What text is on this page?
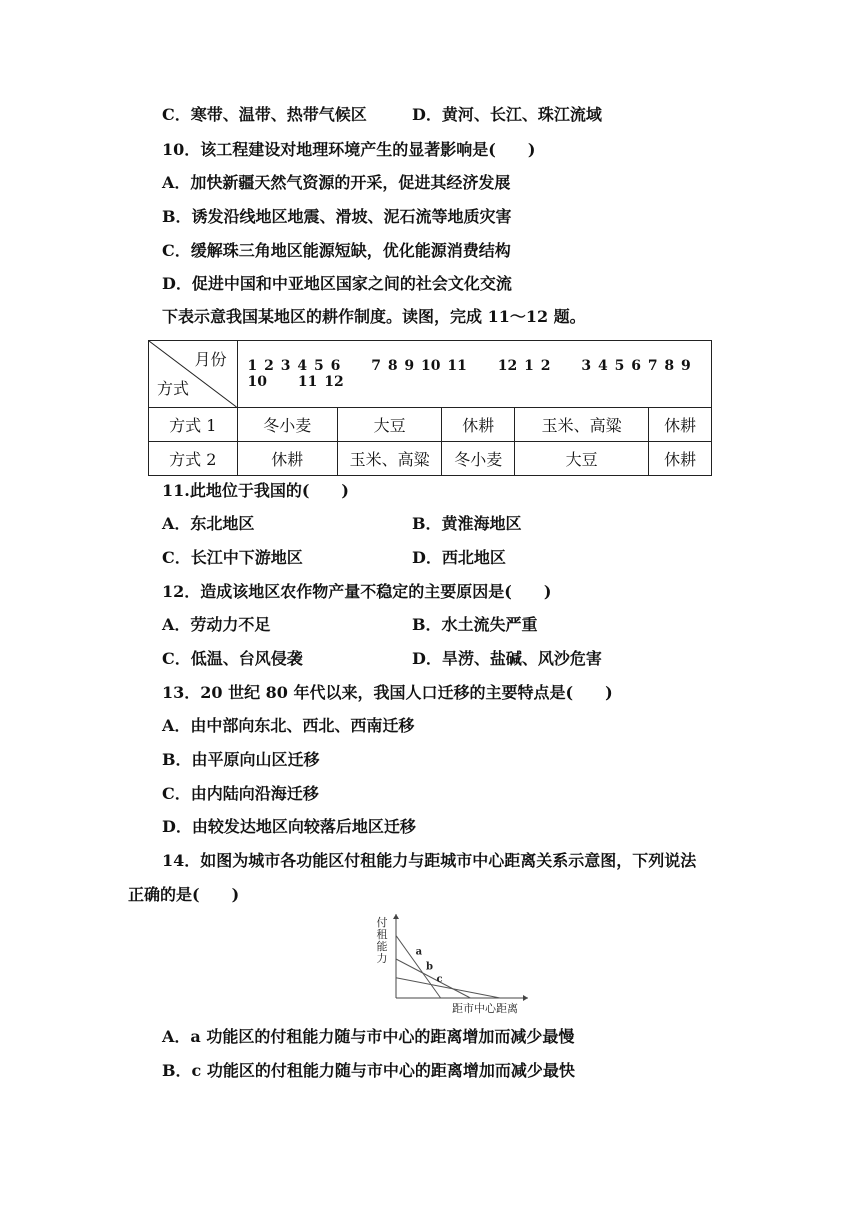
C．寒带、温带、热带气候区	D．黄河、长江、珠江流域
10．该工程建设对地理环境产生的显著影响是(　　)
A．加快新疆天然气资源的开采，促进其经济发展
B．诱发沿线地区地震、滑坡、泥石流等地质灾害
C．缓解珠三角地区能源短缺，优化能源消费结构
D．促进中国和中亚地区国家之间的社会文化交流
下表示意我国某地区的耕作制度。读图，完成 11～12 题。
月份
方式	1 2 3 4 5 6 7 8 9 10 11 12 1 2 3 4 5 6 7 8 9 10 11 12				
方式 1	冬小麦	大豆	休耕	玉米、高粱	休耕
方式 2	休耕	玉米、高粱	冬小麦	大豆	休耕
11.此地位于我国的(　　)
A．东北地区	B．黄淮海地区
C．长江中下游地区	D．西北地区
12．造成该地区农作物产量不稳定的主要原因是(　　)
A．劳动力不足	B．水土流失严重
C．低温、台风侵袭	D．旱涝、盐碱、风沙危害
13．20 世纪 80 年代以来，我国人口迁移的主要特点是(　　)
A．由中部向东北、西北、西南迁移
B．由平原向山区迁移
C．由内陆向沿海迁移
D．由较发达地区向较落后地区迁移
14．如图为城市各功能区付租能力与距城市中心距离关系示意图，下列说法
正确的是(　　)
付
租
能
力
距市中心距离
a
b
c
A．a 功能区的付租能力随与市中心的距离增加而减少最慢
B．c 功能区的付租能力随与市中心的距离增加而减少最快
